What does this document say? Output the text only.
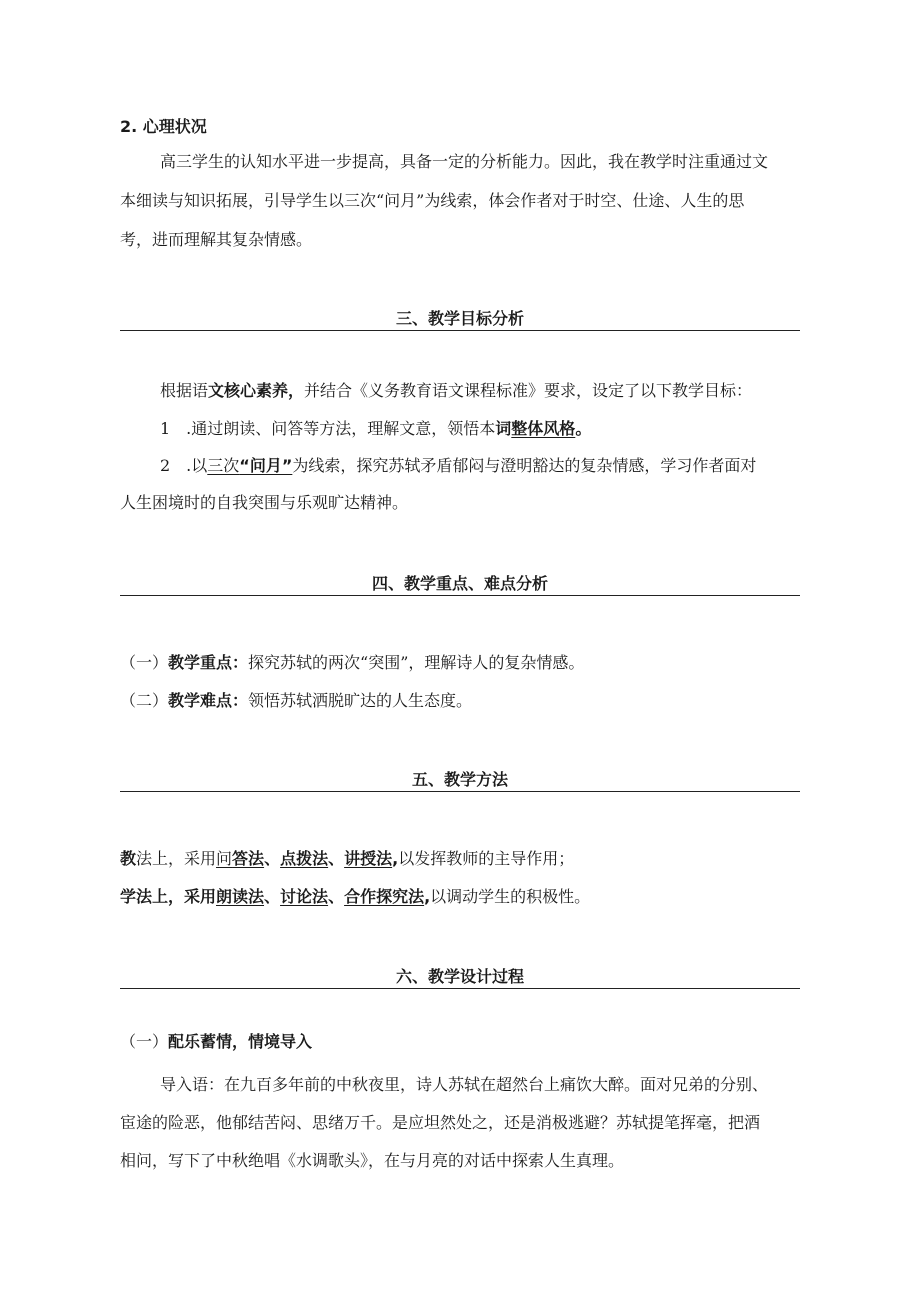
2. 心理状况
高三学生的认知水平进一步提高，具备一定的分析能力。因此，我在教学时注重通过文
本细读与知识拓展，引导学生以三次“问月”为线索，体会作者对于时空、仕途、人生的思
考，进而理解其复杂情感。
三、教学目标分析
根据语文核心素养，并结合《义务教育语文课程标准》要求，设定了以下教学目标：
1　.通过朗读、问答等方法，理解文意，领悟本词整体风格。
2　.以三次“问月”为线索，探究苏轼矛盾郁闷与澄明豁达的复杂情感，学习作者面对
人生困境时的自我突围与乐观旷达精神。
四、教学重点、难点分析
（一）教学重点：探究苏轼的两次“突围”，理解诗人的复杂情感。
（二）教学难点：领悟苏轼洒脱旷达的人生态度。
五、教学方法
教法上，采用问答法、点拨法、讲授法,以发挥教师的主导作用；
学法上，采用朗读法、讨论法、合作探究法,以调动学生的积极性。
六、教学设计过程
（一）配乐蓄情，情境导入
导入语：在九百多年前的中秋夜里，诗人苏轼在超然台上痛饮大醉。面对兄弟的分别、
宦途的险恶，他郁结苦闷、思绪万千。是应坦然处之，还是消极逃避？苏轼提笔挥毫，把酒
相问，写下了中秋绝唱《水调歌头》，在与月亮的对话中探索人生真理。
